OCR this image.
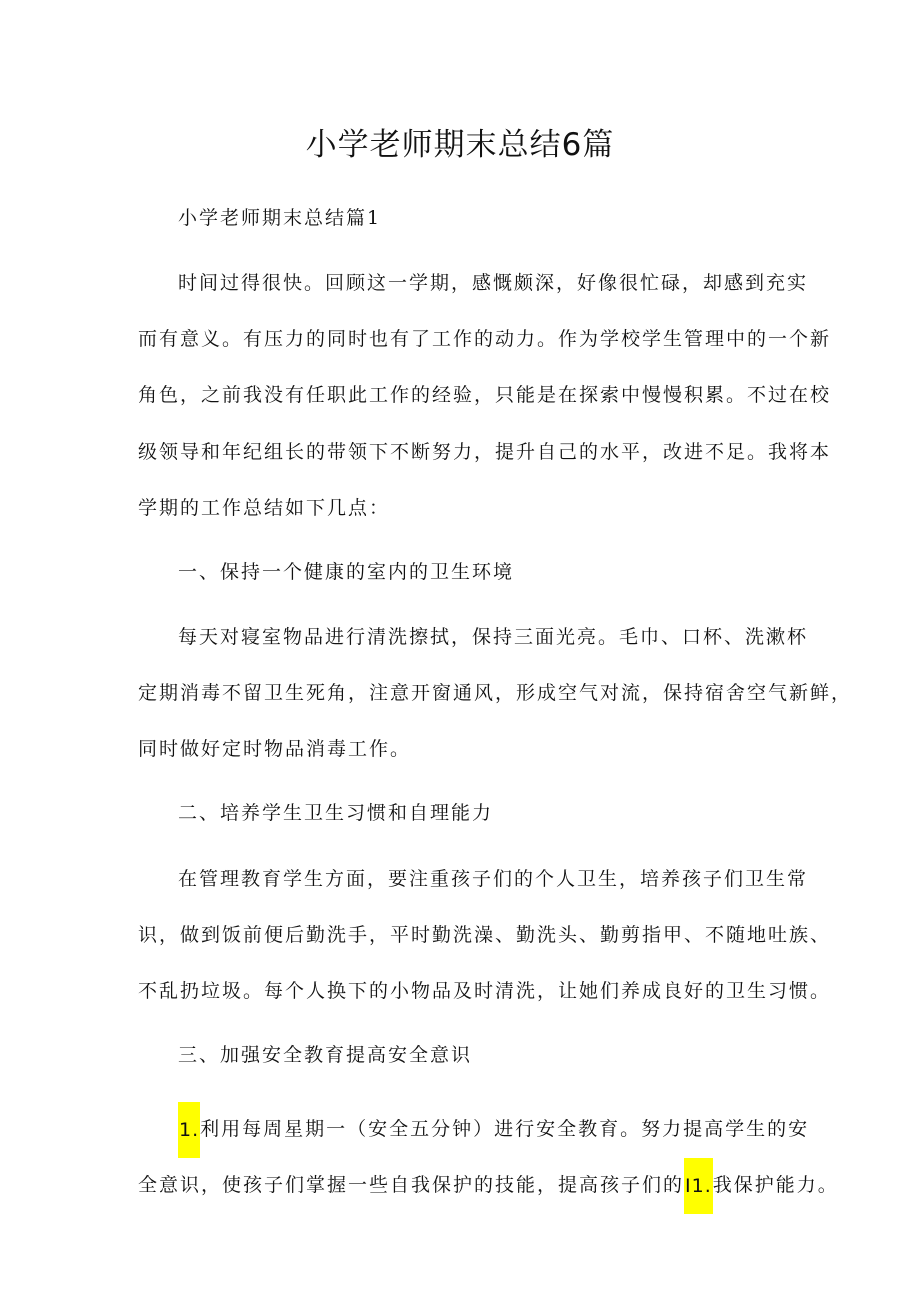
小学老师期末总结6篇

小学老师期末总结篇1

时间过得很快。回顾这一学期，感慨颇深，好像很忙碌，却感到充实

而有意义。有压力的同时也有了工作的动力。作为学校学生管理中的一个新

角色，之前我没有任职此工作的经验，只能是在探索中慢慢积累。不过在校

级领导和年纪组长的带领下不断努力，提升自己的水平，改进不足。我将本

学期的工作总结如下几点：

一、保持一个健康的室内的卫生环境

每天对寝室物品进行清洗擦拭，保持三面光亮。毛巾、口杯、洗漱杯

定期消毒不留卫生死角，注意开窗通风，形成空气对流，保持宿舍空气新鲜，

同时做好定时物品消毒工作。

二、培养学生卫生习惯和自理能力

在管理教育学生方面，要注重孩子们的个人卫生，培养孩子们卫生常

识，做到饭前便后勤洗手，平时勤洗澡、勤洗头、勤剪指甲、不随地吐族、

不乱扔垃圾。每个人换下的小物品及时清洗，让她们养成良好的卫生习惯。

三、加强安全教育提高安全意识

1.利用每周星期一（安全五分钟）进行安全教育。努力提高学生的安

全意识，使孩子们掌握一些自我保护的技能，提高孩子们的I1.我保护能力。
